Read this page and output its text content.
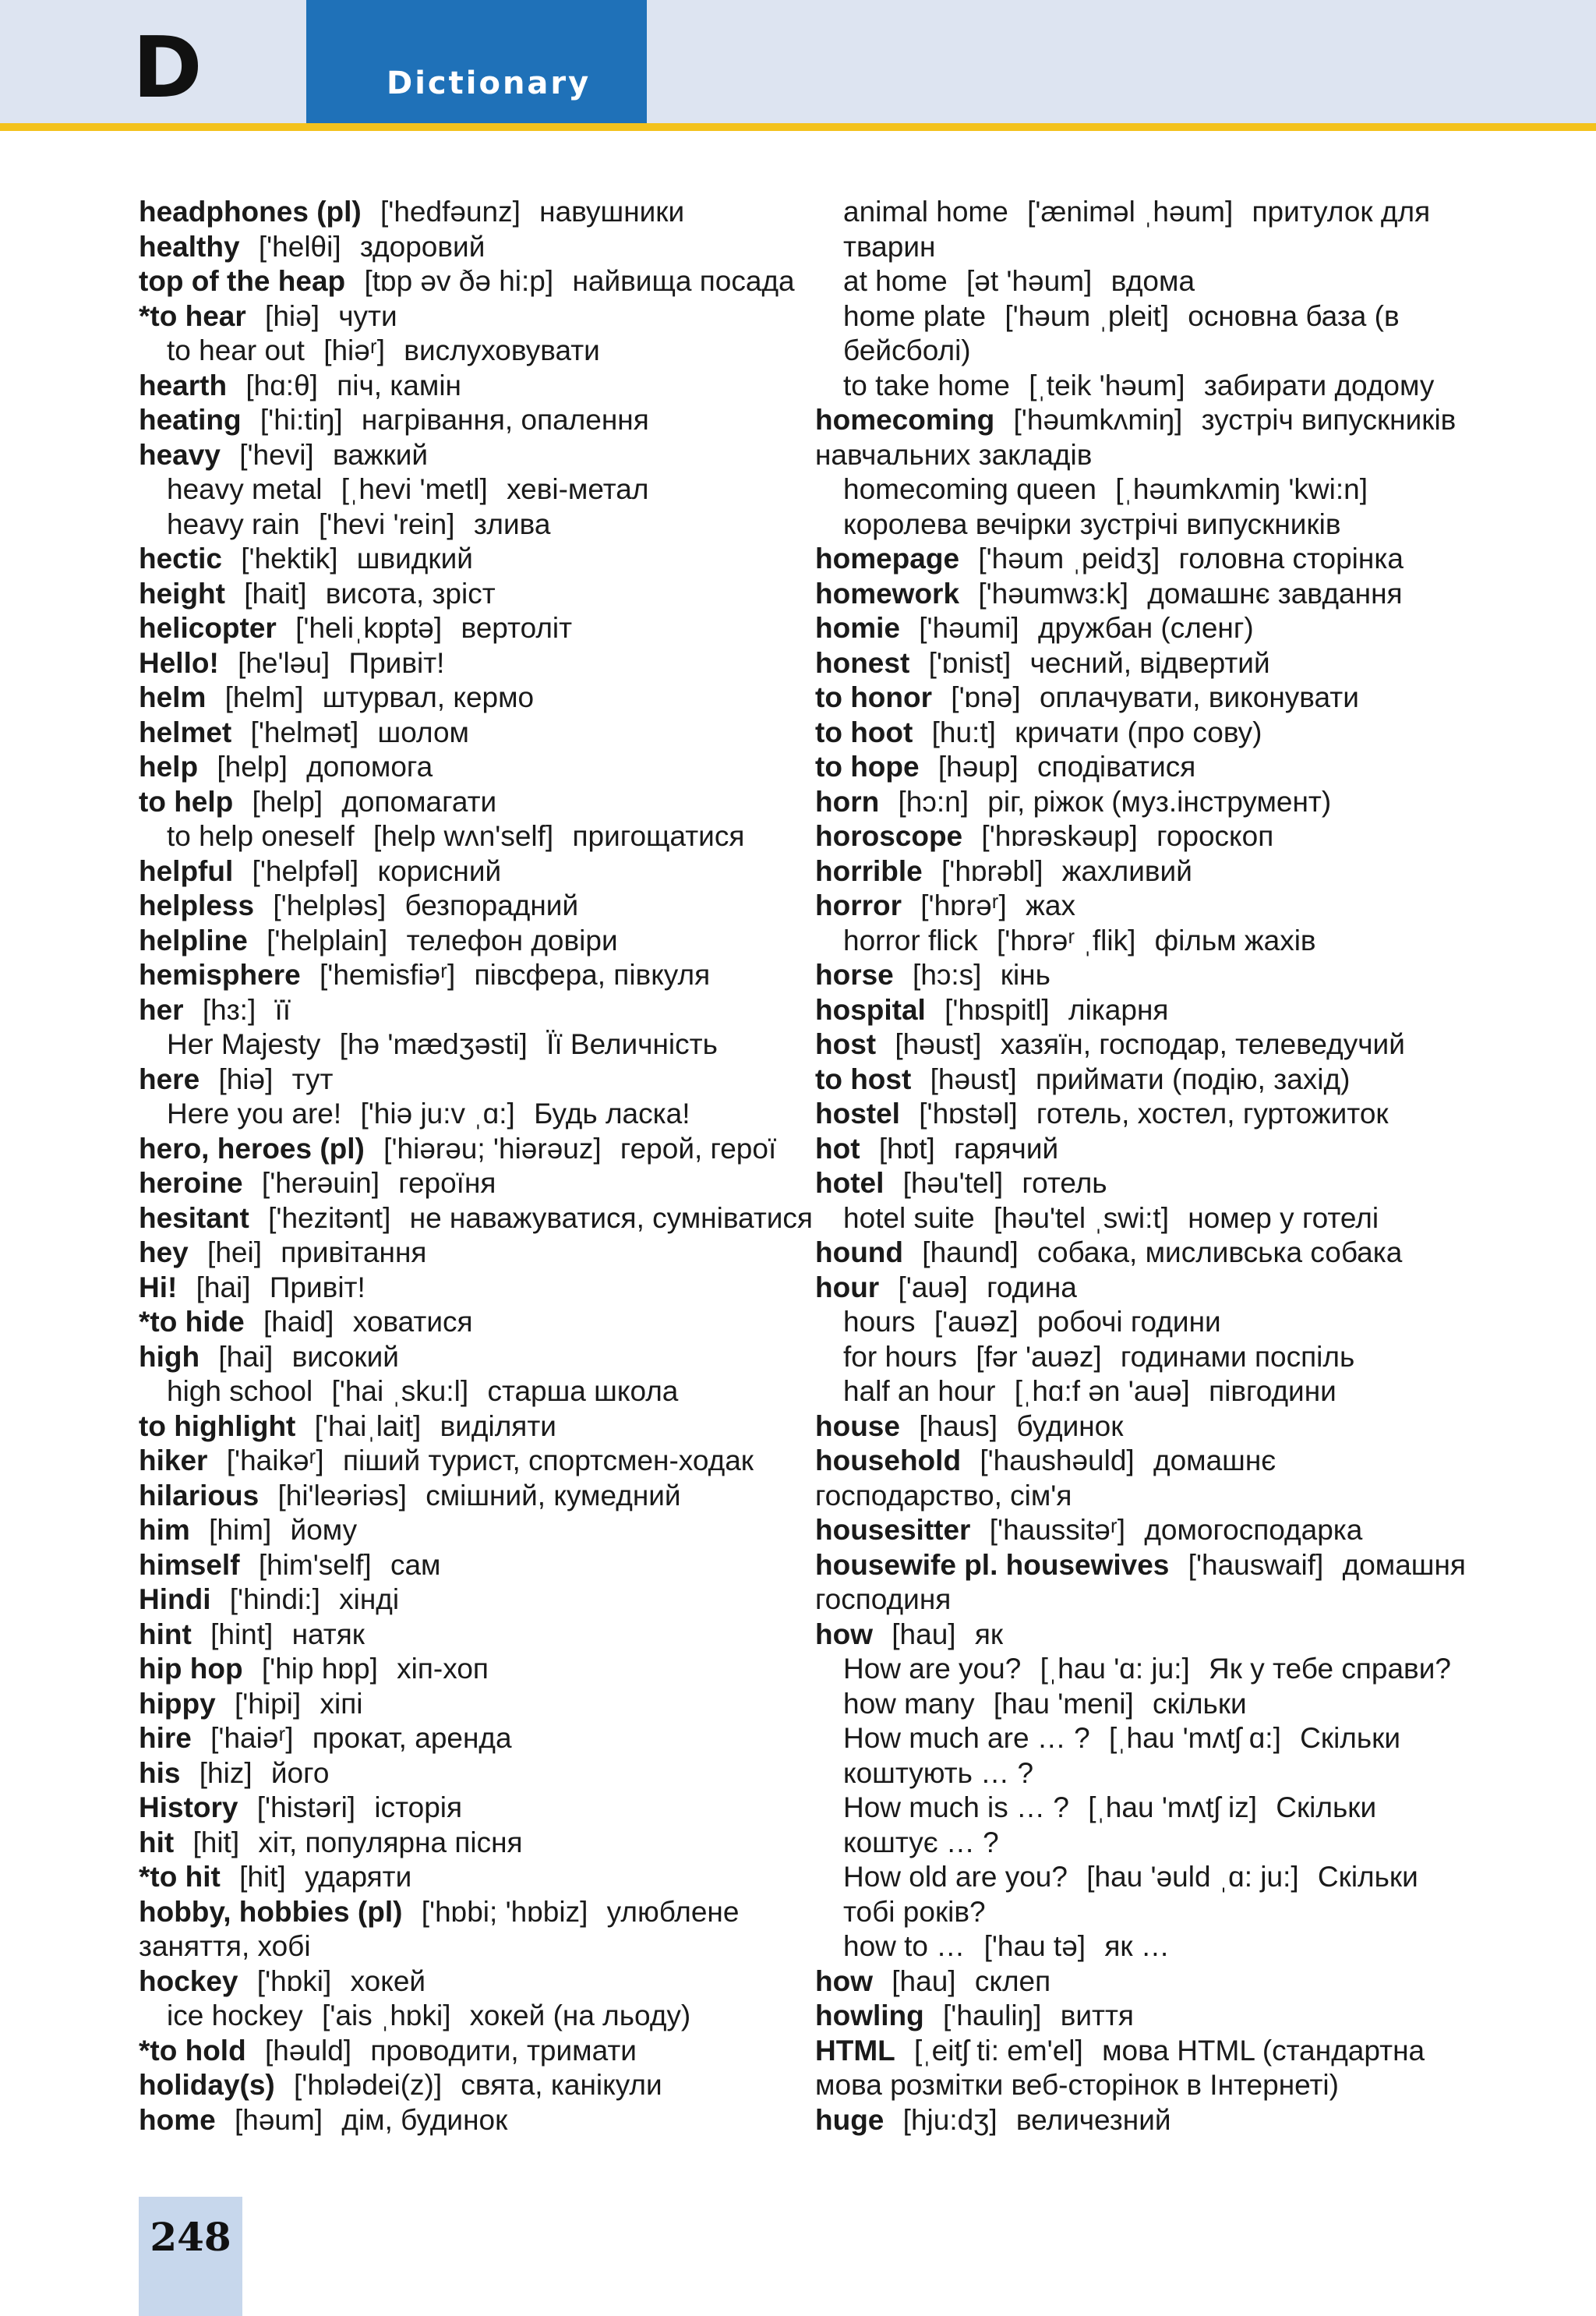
D	Dictionary

headphones (pl) ['hedfəunz] навушники

healthy ['helθi] здоровий

top of the heap [tɒp əv ðə hi:p] найвища посада

*to hear [hiə] чути

to hear out [hiəʳ] вислуховувати

hearth [hɑ:θ] піч, камін

heating ['hi:tiŋ] нагрівання, опалення

heavy ['hevi] важкий

heavy metal [ˌhevi 'metl] хеві-метал

heavy rain ['hevi 'rein] злива

hectic ['hektik] швидкий

height [hait] висота, зріст

helicopter ['heliˌkɒptə] вертоліт

Hello! [he'ləu] Привіт!

helm [helm] штурвал, кермо

helmet ['helmət] шолом

help [help] допомога

to help [help] допомагати

to help oneself [help wʌn'self] пригощатися

helpful ['helpfəl] корисний

helpless ['helpləs] безпорадний

helpline ['helplain] телефон довіри

hemisphere ['hemisfiəʳ] півсфера, півкуля

her [hɜ:] її

Her Majesty [hə 'mædʒəsti] Її Величність

here [hiə] тут

Here you are! ['hiə ju:v ˌɑ:] Будь ласка!

hero, heroes (pl) ['hiərəu; 'hiərəuz] герой, герої

heroine ['herəuin] героїня

hesitant ['hezitənt] не наважуватися, сумніватися

hey [hei] привітання

Hi! [hai] Привіт!

*to hide [haid] ховатися

high [hai] високий

high school ['hai ˌsku:l] старша школа

to highlight ['haiˌlait] виділяти

hiker ['haikəʳ] піший турист, спортсмен-ходак

hilarious [hi'leəriəs] смішний, кумедний

him [him] йому

himself [him'self] сам

Hindi ['hindi:] хінді

hint [hint] натяк

hip hop ['hip hɒp] хіп-хоп

hippy ['hipi] хіпі

hire ['haiəʳ] прокат, аренда

his [hiz] його

History ['histəri] історія

hit [hit] хіт, популярна пісня

*to hit [hit] ударяти

hobby, hobbies (pl) ['hɒbi; 'hɒbiz] улюблене заняття, хобі

hockey ['hɒki] хокей

ice hockey ['ais ˌhɒki] хокей (на льоду)

*to hold [həuld] проводити, тримати

holiday(s) ['hɒlədei(z)] свята, канікули

home [həum] дім, будинок

animal home ['æniməl ˌhəum] притулок для тварин

at home [ət 'həum] вдома

home plate ['həum ˌpleit] основна база (в бейсболі)

to take home [ˌteik 'həum] забирати додому

homecoming ['həumkʌmiŋ] зустріч випускників навчальних закладів

homecoming queen [ˌhəumkʌmiŋ 'kwi:n] королева вечірки зустрічі випускників

homepage ['həum ˌpeidʒ] головна сторінка

homework ['həumwɜ:k] домашнє завдання

homie ['həumi] дружбан (сленг)

honest ['ɒnist] чесний, відвертий

to honor ['ɒnə] оплачувати, виконувати

to hoot [hu:t] кричати (про сову)

to hope [həup] сподіватися

horn [hɔ:n] ріг, ріжок (муз.інструмент)

horoscope ['hɒrəskəup] гороскоп

horrible ['hɒrəbl] жахливий

horror ['hɒrəʳ] жах

horror flick ['hɒrəʳ ˌflik] фільм жахів

horse [hɔ:s] кінь

hospital ['hɒspitl] лікарня

host [həust] хазяїн, господар, телеведучий

to host [həust] приймати (подію, захід)

hostel ['hɒstəl] готель, хостел, гуртожиток

hot [hɒt] гарячий

hotel [həu'tel] готель

hotel suite [həu'tel ˌswi:t] номер у готелі

hound [haund] собака, мисливська собака

hour ['auə] година

hours ['auəz] робочі години

for hours [fər 'auəz] годинами поспіль

half an hour [ˌhɑ:f ən 'auə] півгодини

house [haus] будинок

household ['haushəuld] домашнє господарство, сім'я

housesitter ['haussitəʳ] домогосподарка

housewife pl. housewives ['hauswaif] домашня господиня

how [hau] як

How are you? [ˌhau 'ɑ: ju:] Як у тебе справи?

how many [hau 'meni] скільки

How much are … ? [ˌhau 'mʌtʃ ɑ:] Скільки коштують … ?

How much is … ? [ˌhau 'mʌtʃ iz] Скільки коштує … ?

How old are you? [hau 'əuld ˌɑ: ju:] Скільки тобі років?

how to … ['hau tə] як …

how [hau] склеп

howling ['hauliŋ] виття

HTML [ˌeitʃ ti: em'el] мова HTML (стандартна мова розмітки веб-сторінок в Інтернеті)

huge [hju:dʒ] величезний

248
